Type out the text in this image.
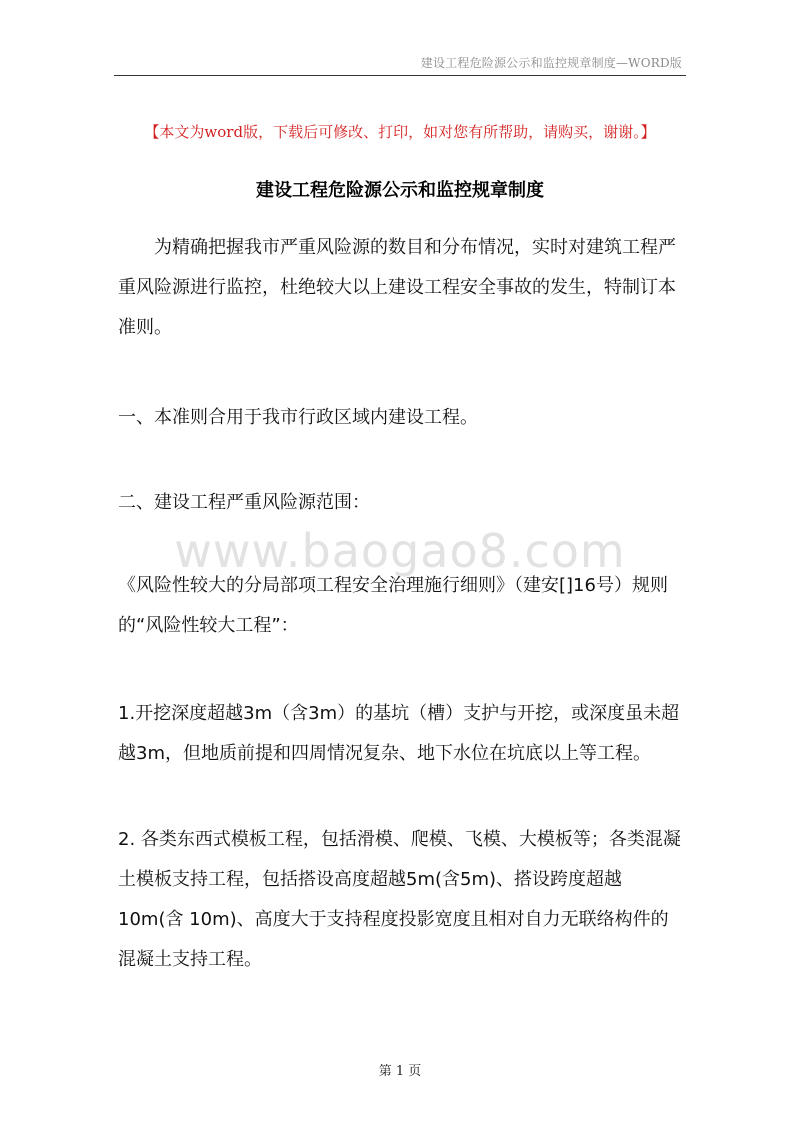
建设工程危险源公示和监控规章制度—WORD版
【本文为word版，下载后可修改、打印，如对您有所帮助，请购买，谢谢。】
建设工程危险源公示和监控规章制度
为精确把握我市严重风险源的数目和分布情况，实时对建筑工程严重风险源进行监控，杜绝较大以上建设工程安全事故的发生，特制订本准则。
一、本准则合用于我市行政区域内建设工程。
二、建设工程严重风险源范围：
《风险性较大的分局部项工程安全治理施行细则》（建安[]16号）规则的“风险性较大工程”：
1.开挖深度超越3m（含3m）的基坑（槽）支护与开挖，或深度虽未超越3m，但地质前提和四周情况复杂、地下水位在坑底以上等工程。
2. 各类东西式模板工程，包括滑模、爬模、飞模、大模板等；各类混凝土模板支持工程，包括搭设高度超越5m(含5m)、搭设跨度超越10m(含 10m)、高度大于支持程度投影宽度且相对自力无联络构件的混凝土支持工程。
www.baogao8.com
第 1 页
